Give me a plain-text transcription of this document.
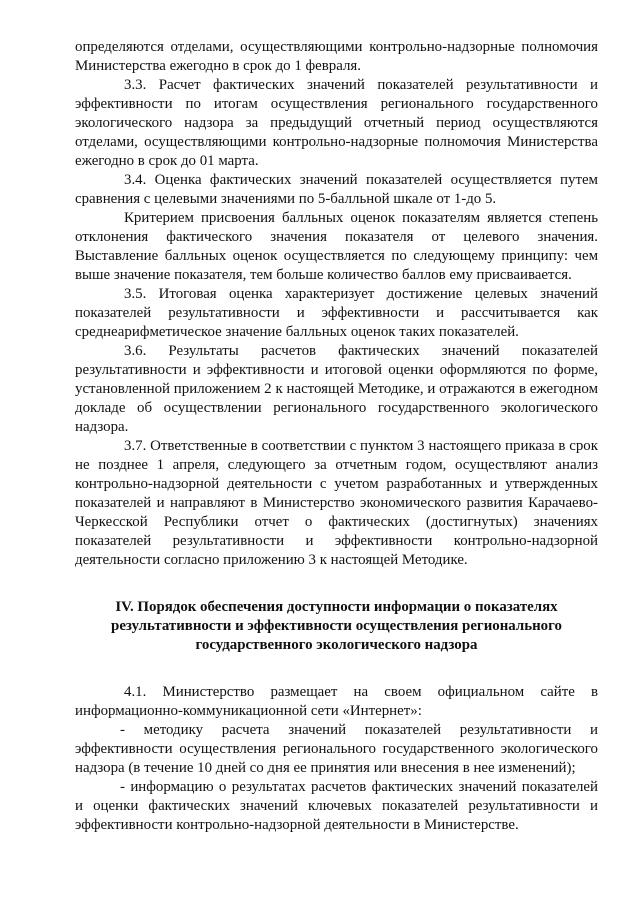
определяются отделами, осуществляющими контрольно-надзорные полномочия Министерства ежегодно в срок до 1 февраля.

3.3. Расчет фактических значений показателей результативности и эффективности по итогам осуществления регионального государственного экологического надзора за предыдущий отчетный период осуществляются отделами, осуществляющими контрольно-надзорные полномочия Министерства ежегодно в срок до 01 марта.

3.4. Оценка фактических значений показателей осуществляется путем сравнения с целевыми значениями по 5-балльной шкале от 1-до 5.

Критерием присвоения балльных оценок показателям является степень отклонения фактического значения показателя от целевого значения. Выставление балльных оценок осуществляется по следующему принципу: чем выше значение показателя, тем больше количество баллов ему присваивается.

3.5. Итоговая оценка характеризует достижение целевых значений показателей результативности и эффективности и рассчитывается как среднеарифметическое значение балльных оценок таких показателей.

3.6. Результаты расчетов фактических значений показателей результативности и эффективности и итоговой оценки оформляются по форме, установленной приложением 2 к настоящей Методике, и отражаются в ежегодном докладе об осуществлении регионального государственного экологического надзора.

3.7. Ответственные в соответствии с пунктом 3 настоящего приказа в срок не позднее 1 апреля, следующего за отчетным годом, осуществляют анализ контрольно-надзорной деятельности с учетом разработанных и утвержденных показателей и направляют в Министерство экономического развития Карачаево-Черкесской Республики отчет о фактических (достигнутых) значениях показателей результативности и эффективности контрольно-надзорной деятельности согласно приложению 3 к настоящей Методике.

IV. Порядок обеспечения доступности информации о показателях
результативности и эффективности осуществления регионального
государственного экологического надзора

4.1. Министерство размещает на своем официальном сайте в информационно-коммуникационной сети «Интернет»:

- методику расчета значений показателей результативности и эффективности осуществления регионального государственного экологического надзора (в течение 10 дней со дня ее принятия или внесения в нее изменений);

- информацию о результатах расчетов фактических значений показателей и оценки фактических значений ключевых показателей результативности и эффективности контрольно-надзорной деятельности в Министерстве.
